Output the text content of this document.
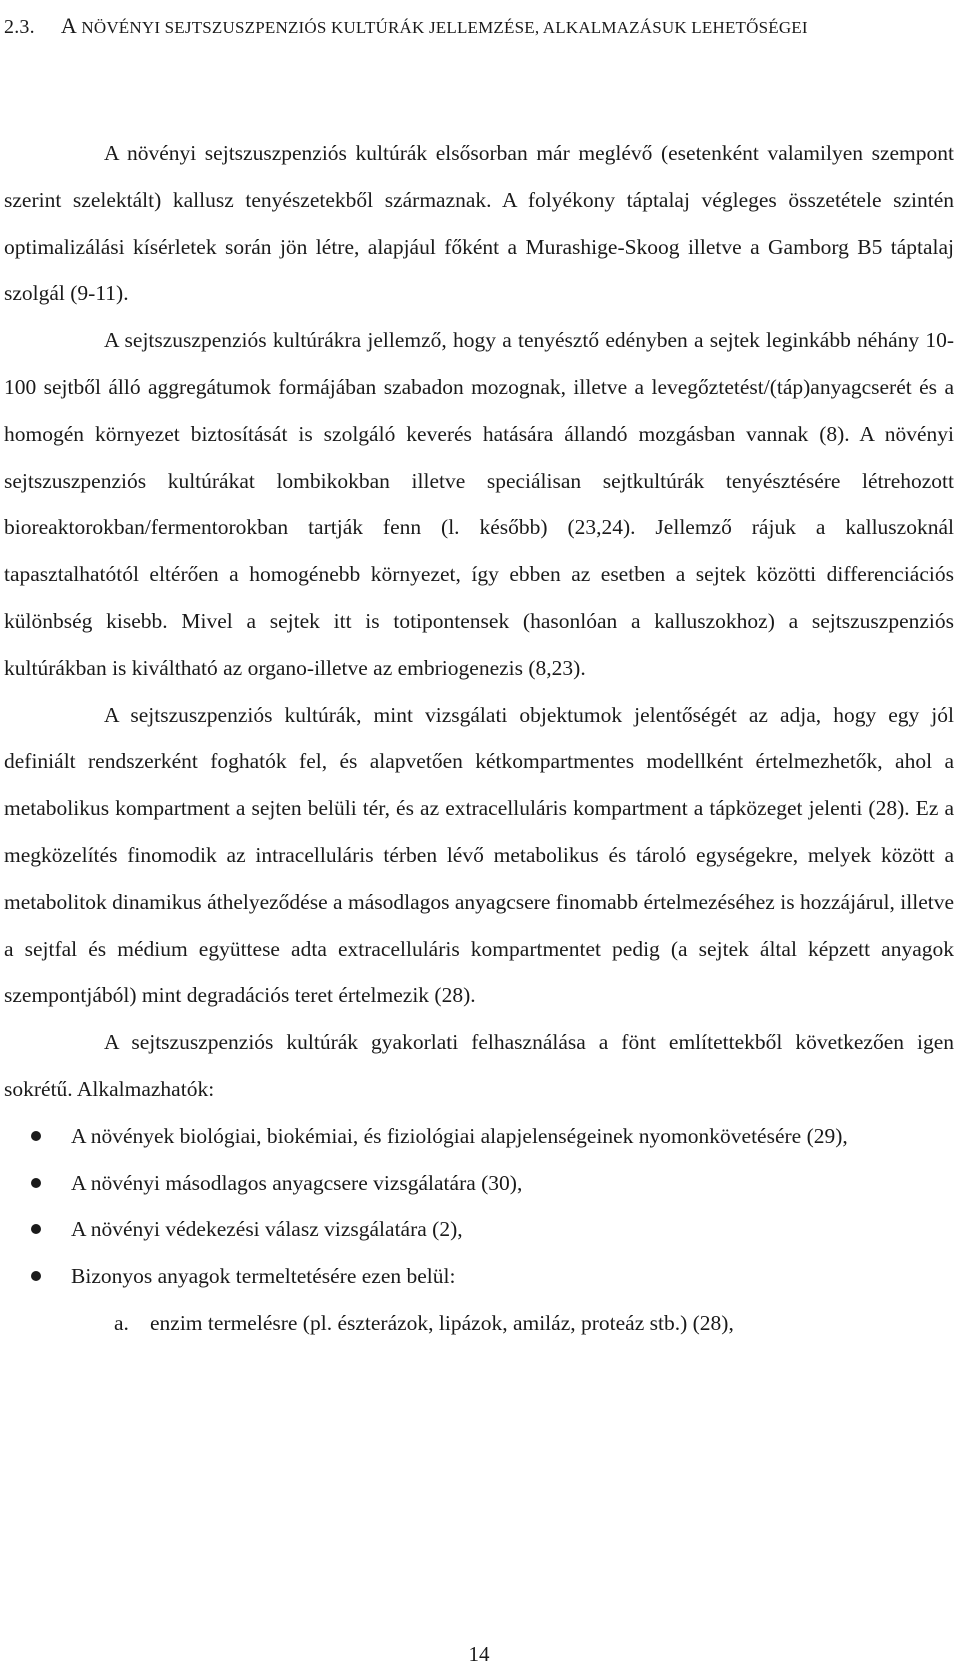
2.3. A NÖVÉNYI SEJTSZUSZPENZIÓS KULTÚRÁK JELLEMZÉSE, ALKALMAZÁSUK LEHETŐSÉGEI

A növényi sejtszuszpenziós kultúrák elsősorban már meglévő (esetenként valamilyen szempont szerint szelektált) kallusz tenyészetekből származnak. A folyékony táptalaj végleges összetétele szintén optimalizálási kísérletek során jön létre, alapjául főként a Murashige-Skoog illetve a Gamborg B5 táptalaj szolgál (9-11).

A sejtszuszpenziós kultúrákra jellemző, hogy a tenyésztő edényben a sejtek leginkább néhány 10-100 sejtből álló aggregátumok formájában szabadon mozognak, illetve a levegőztetést/(táp)anyagcserét és a homogén környezet biztosítását is szolgáló keverés hatására állandó mozgásban vannak (8). A növényi sejtszuszpenziós kultúrákat lombikokban illetve speciálisan sejtkultúrák tenyésztésére létrehozott bioreaktorokban/fermentorokban tartják fenn (l. később) (23,24). Jellemző rájuk a kalluszoknál tapasztalhatótól eltérően a homogénebb környezet, így ebben az esetben a sejtek közötti differenciációs különbség kisebb. Mivel a sejtek itt is totipontensek (hasonlóan a kalluszokhoz) a sejtszuszpenziós kultúrákban is kiváltható az organo-illetve az embriogenezis (8,23).

A sejtszuszpenziós kultúrák, mint vizsgálati objektumok jelentőségét az adja, hogy egy jól definiált rendszerként foghatók fel, és alapvetően kétkompartmentes modellként értelmezhetők, ahol a metabolikus kompartment a sejten belüli tér, és az extracelluláris kompartment a tápközeget jelenti (28). Ez a megközelítés finomodik az intracelluláris térben lévő metabolikus és tároló egységekre, melyek között a metabolitok dinamikus áthelyeződése a másodlagos anyagcsere finomabb értelmezéséhez is hozzájárul, illetve a sejtfal és médium együttese adta extracelluláris kompartmentet pedig (a sejtek által képzett anyagok szempontjából) mint degradációs teret értelmezik (28).

A sejtszuszpenziós kultúrák gyakorlati felhasználása a fönt említettekből következően igen sokrétű. Alkalmazhatók:

A növények biológiai, biokémiai, és fiziológiai alapjelenségeinek nyomonkövetésére (29),
A növényi másodlagos anyagcsere vizsgálatára (30),
A növényi védekezési válasz vizsgálatára (2),
Bizonyos anyagok termeltetésére ezen belül:
a. enzim termelésre (pl. észterázok, lipázok, amiláz, proteáz stb.) (28),
14
